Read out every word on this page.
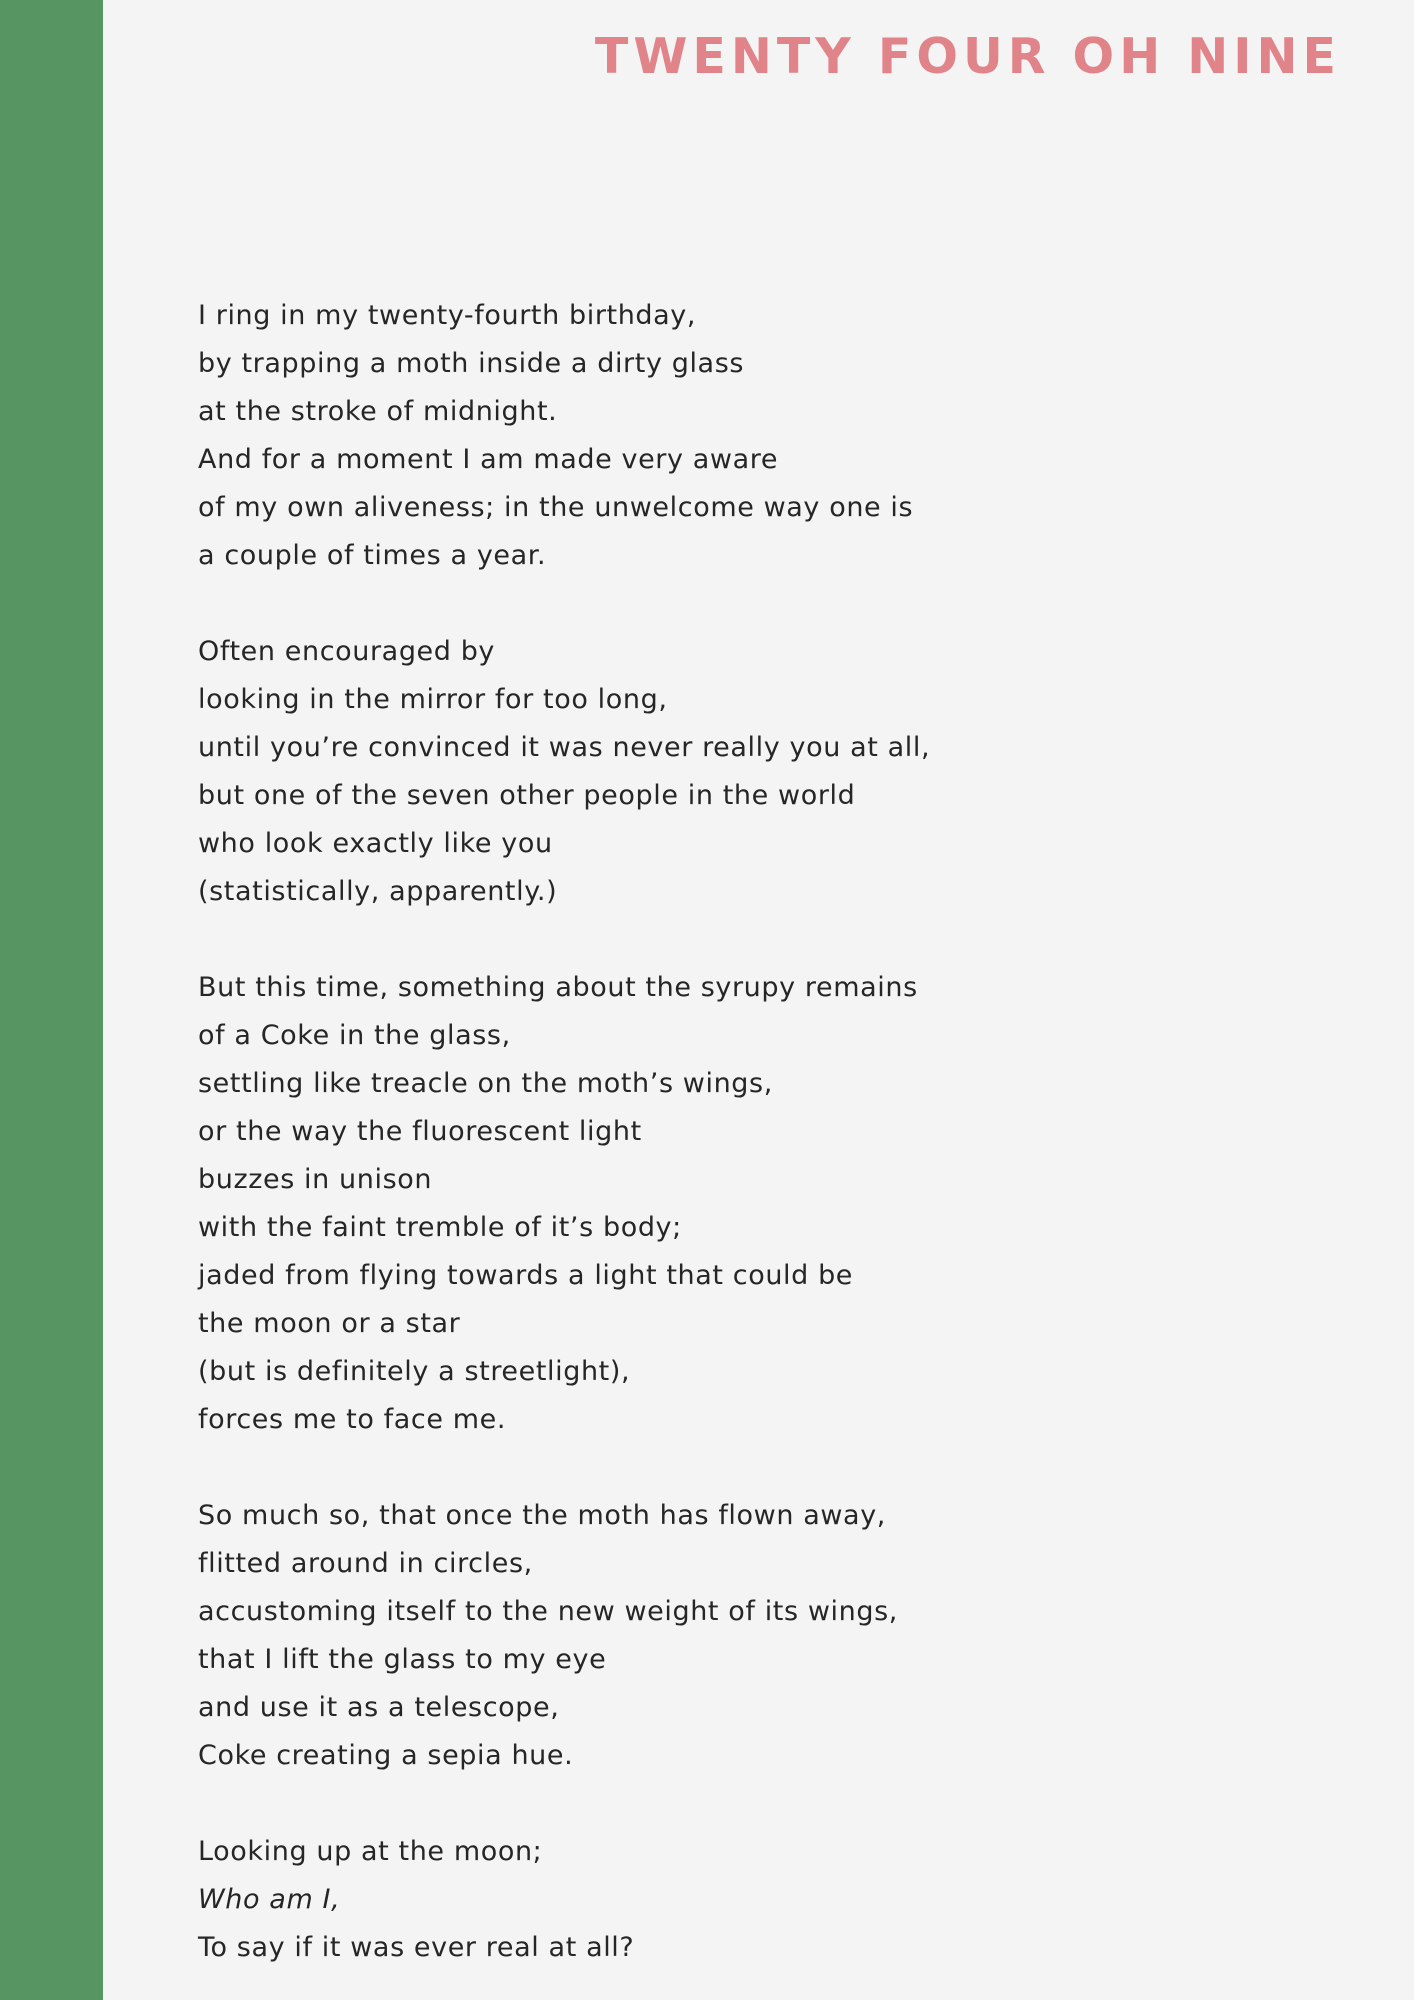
TWENTY FOUR OH NINE
I ring in my twenty-fourth birthday,
by trapping a moth inside a dirty glass
at the stroke of midnight.
And for a moment I am made very aware
of my own aliveness; in the unwelcome way one is
a couple of times a year.
Often encouraged by
looking in the mirror for too long,
until you’re convinced it was never really you at all,
but one of the seven other people in the world
who look exactly like you
(statistically, apparently.)
But this time, something about the syrupy remains
of a Coke in the glass,
settling like treacle on the moth’s wings,
or the way the fluorescent light
buzzes in unison
with the faint tremble of it’s body;
jaded from flying towards a light that could be
the moon or a star
(but is definitely a streetlight),
forces me to face me.
So much so, that once the moth has flown away,
flitted around in circles,
accustoming itself to the new weight of its wings,
that I lift the glass to my eye
and use it as a telescope,
Coke creating a sepia hue.
Looking up at the moon;
Who am I,
To say if it was ever real at all?
